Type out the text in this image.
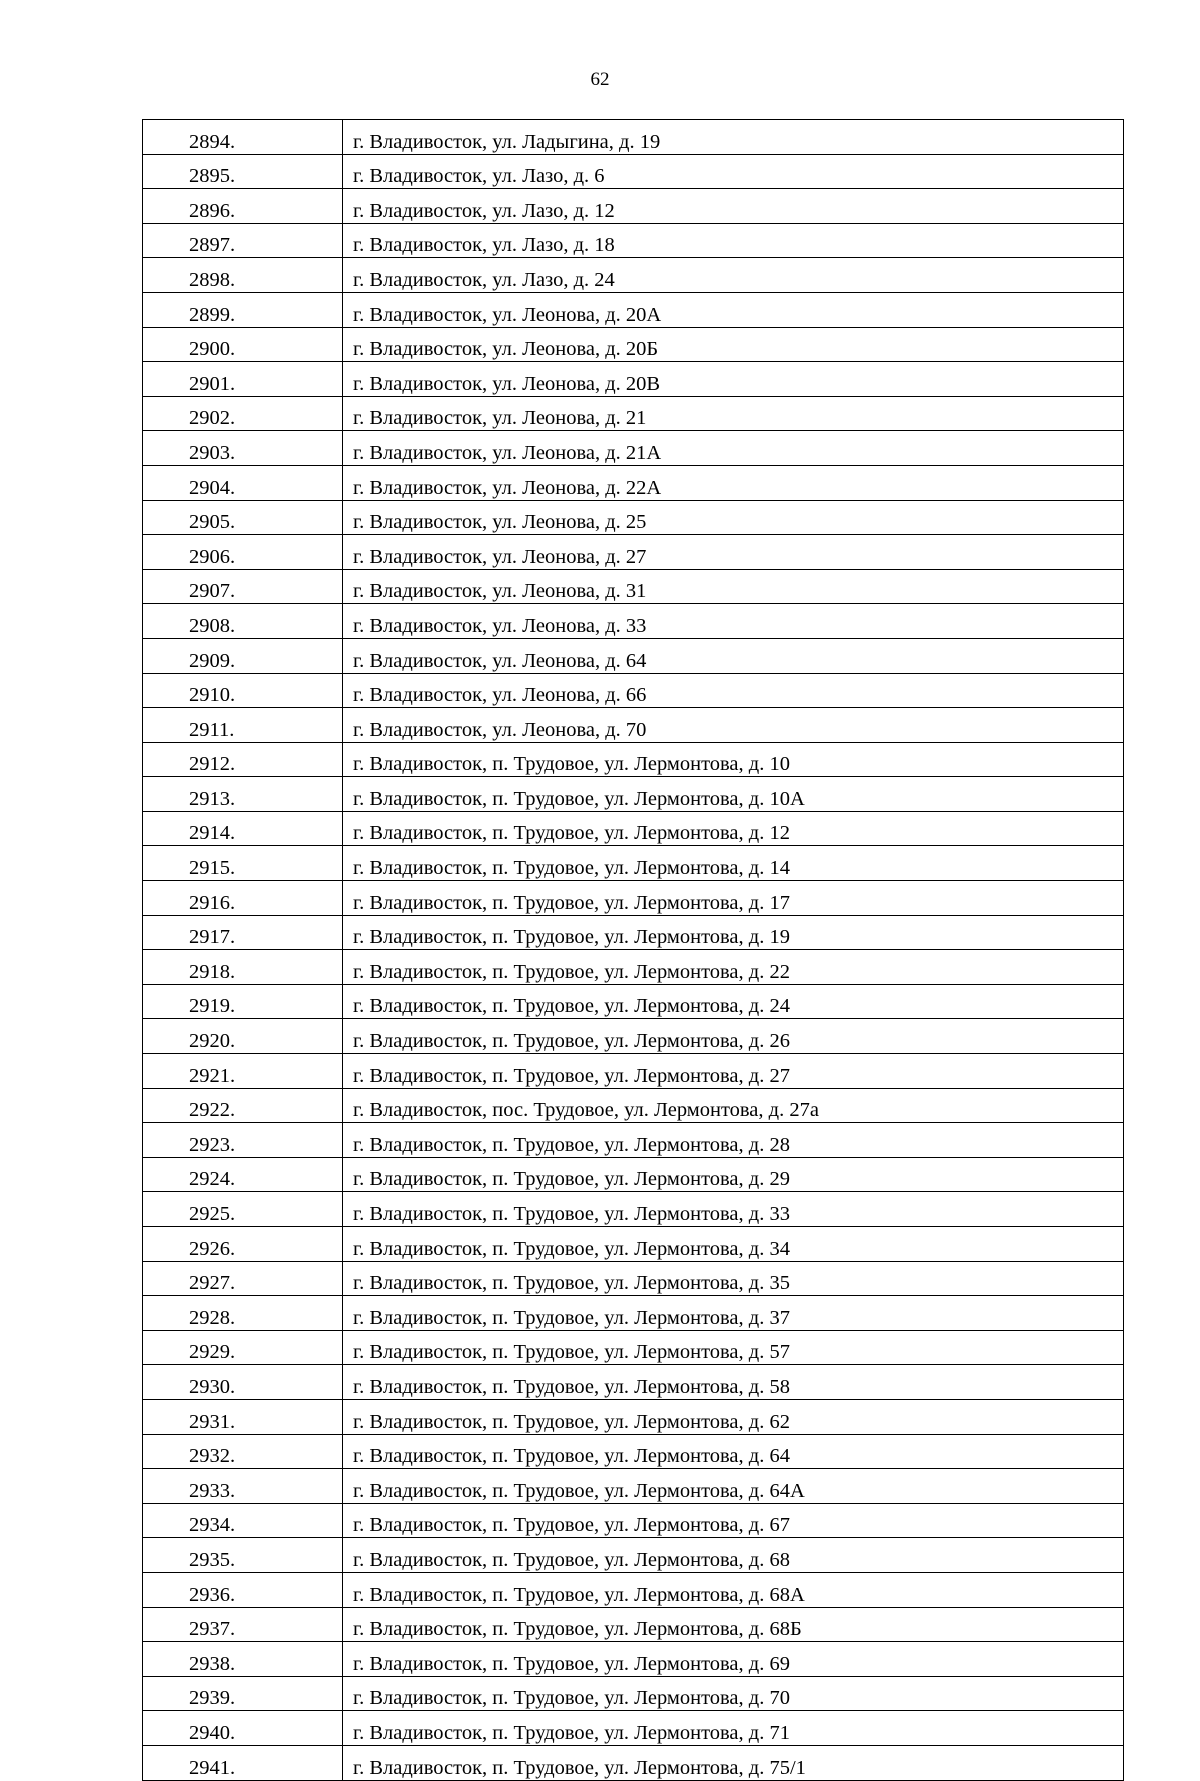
62
2894.	г. Владивосток, ул. Ладыгина, д. 19
2895.	г. Владивосток, ул. Лазо, д. 6
2896.	г. Владивосток, ул. Лазо, д. 12
2897.	г. Владивосток, ул. Лазо, д. 18
2898.	г. Владивосток, ул. Лазо, д. 24
2899.	г. Владивосток, ул. Леонова, д. 20А
2900.	г. Владивосток, ул. Леонова, д. 20Б
2901.	г. Владивосток, ул. Леонова, д. 20В
2902.	г. Владивосток, ул. Леонова, д. 21
2903.	г. Владивосток, ул. Леонова, д. 21А
2904.	г. Владивосток, ул. Леонова, д. 22А
2905.	г. Владивосток, ул. Леонова, д. 25
2906.	г. Владивосток, ул. Леонова, д. 27
2907.	г. Владивосток, ул. Леонова, д. 31
2908.	г. Владивосток, ул. Леонова, д. 33
2909.	г. Владивосток, ул. Леонова, д. 64
2910.	г. Владивосток, ул. Леонова, д. 66
2911.	г. Владивосток, ул. Леонова, д. 70
2912.	г. Владивосток, п. Трудовое, ул. Лермонтова, д. 10
2913.	г. Владивосток, п. Трудовое, ул. Лермонтова, д. 10А
2914.	г. Владивосток, п. Трудовое, ул. Лермонтова, д. 12
2915.	г. Владивосток, п. Трудовое, ул. Лермонтова, д. 14
2916.	г. Владивосток, п. Трудовое, ул. Лермонтова, д. 17
2917.	г. Владивосток, п. Трудовое, ул. Лермонтова, д. 19
2918.	г. Владивосток, п. Трудовое, ул. Лермонтова, д. 22
2919.	г. Владивосток, п. Трудовое, ул. Лермонтова, д. 24
2920.	г. Владивосток, п. Трудовое, ул. Лермонтова, д. 26
2921.	г. Владивосток, п. Трудовое, ул. Лермонтова, д. 27
2922.	г. Владивосток, пос. Трудовое, ул. Лермонтова, д. 27а
2923.	г. Владивосток, п. Трудовое, ул. Лермонтова, д. 28
2924.	г. Владивосток, п. Трудовое, ул. Лермонтова, д. 29
2925.	г. Владивосток, п. Трудовое, ул. Лермонтова, д. 33
2926.	г. Владивосток, п. Трудовое, ул. Лермонтова, д. 34
2927.	г. Владивосток, п. Трудовое, ул. Лермонтова, д. 35
2928.	г. Владивосток, п. Трудовое, ул. Лермонтова, д. 37
2929.	г. Владивосток, п. Трудовое, ул. Лермонтова, д. 57
2930.	г. Владивосток, п. Трудовое, ул. Лермонтова, д. 58
2931.	г. Владивосток, п. Трудовое, ул. Лермонтова, д. 62
2932.	г. Владивосток, п. Трудовое, ул. Лермонтова, д. 64
2933.	г. Владивосток, п. Трудовое, ул. Лермонтова, д. 64А
2934.	г. Владивосток, п. Трудовое, ул. Лермонтова, д. 67
2935.	г. Владивосток, п. Трудовое, ул. Лермонтова, д. 68
2936.	г. Владивосток, п. Трудовое, ул. Лермонтова, д. 68А
2937.	г. Владивосток, п. Трудовое, ул. Лермонтова, д. 68Б
2938.	г. Владивосток, п. Трудовое, ул. Лермонтова, д. 69
2939.	г. Владивосток, п. Трудовое, ул. Лермонтова, д. 70
2940.	г. Владивосток, п. Трудовое, ул. Лермонтова, д. 71
2941.	г. Владивосток, п. Трудовое, ул. Лермонтова, д. 75/1
